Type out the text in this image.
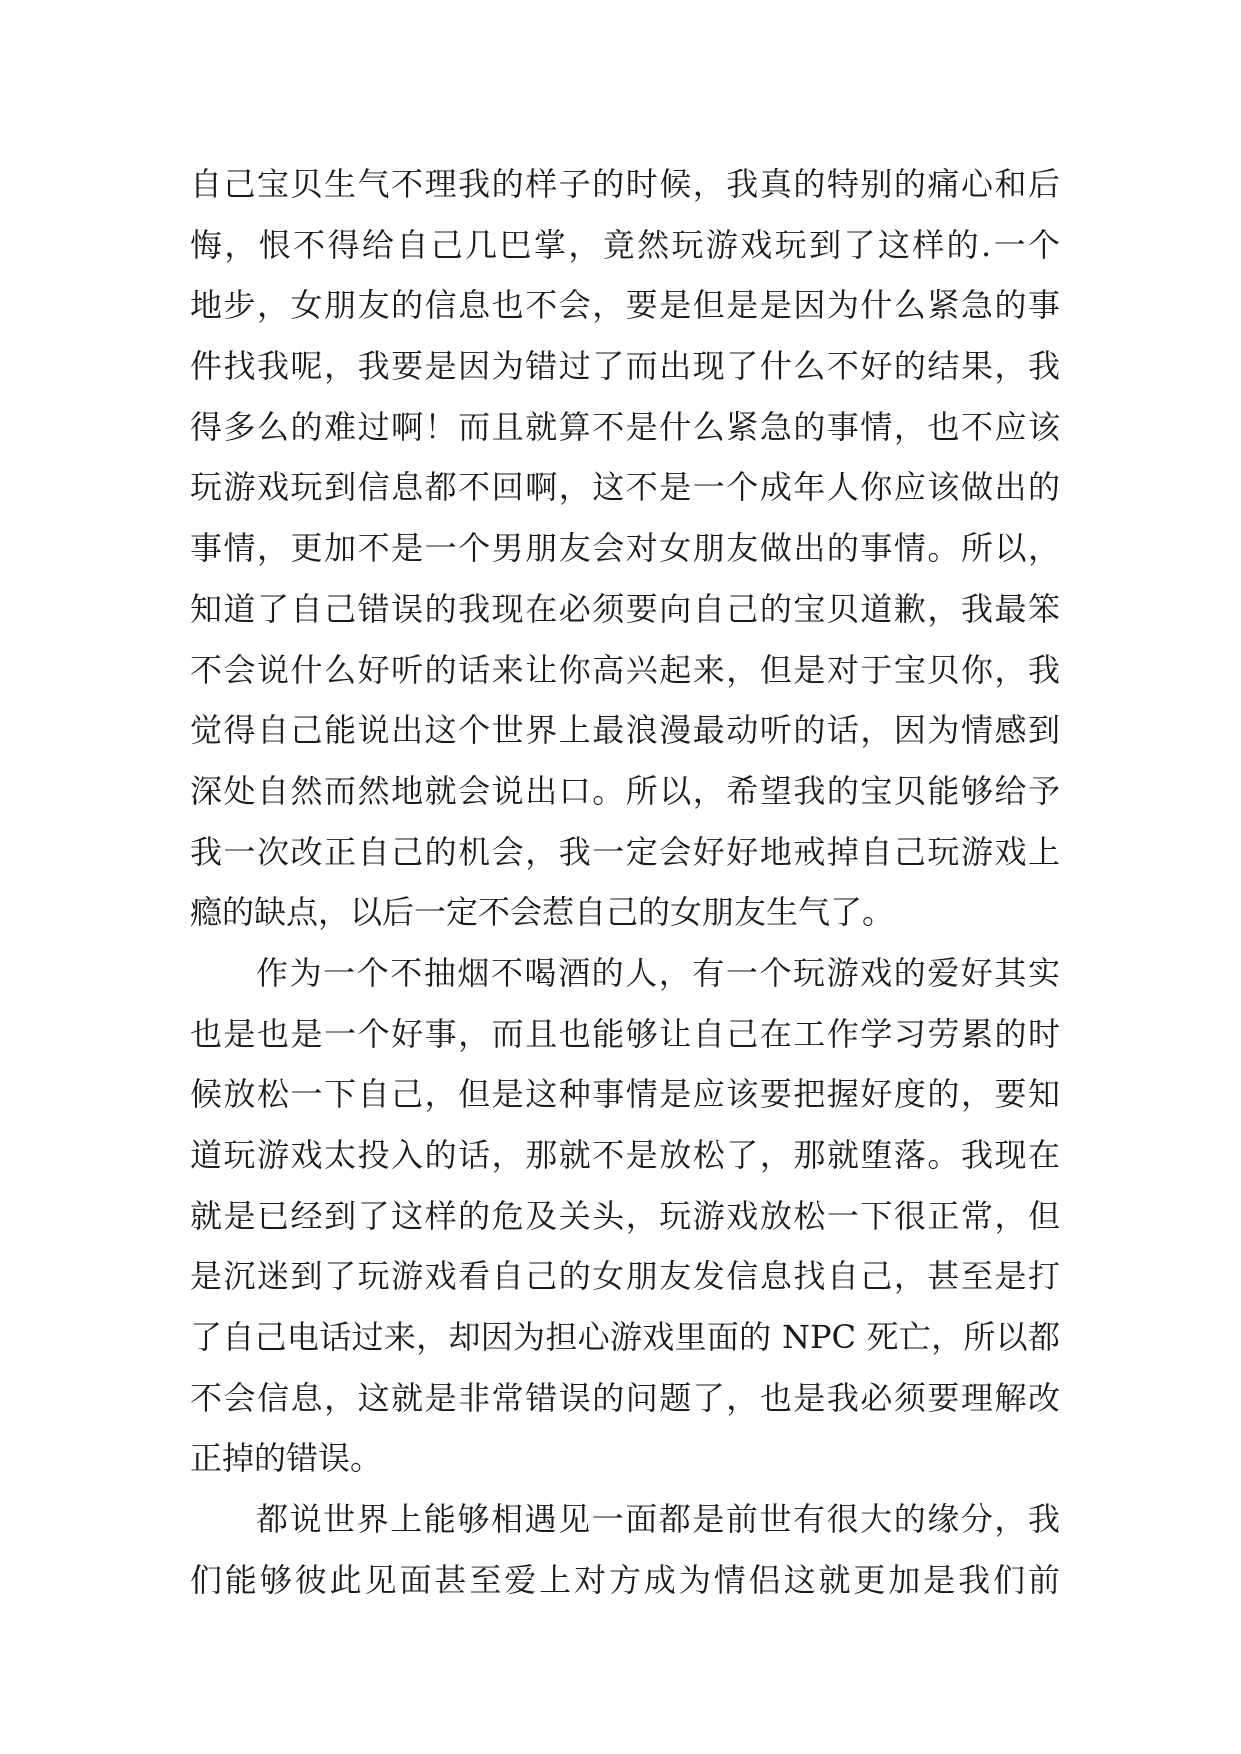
自己宝贝生气不理我的样子的时候，我真的特别的痛心和后
悔，恨不得给自己几巴掌，竟然玩游戏玩到了这样的.一个
地步，女朋友的信息也不会，要是但是是因为什么紧急的事
件找我呢，我要是因为错过了而出现了什么不好的结果，我
得多么的难过啊！而且就算不是什么紧急的事情，也不应该
玩游戏玩到信息都不回啊，这不是一个成年人你应该做出的
事情，更加不是一个男朋友会对女朋友做出的事情。所以，
知道了自己错误的我现在必须要向自己的宝贝道歉，我最笨
不会说什么好听的话来让你高兴起来，但是对于宝贝你，我
觉得自己能说出这个世界上最浪漫最动听的话，因为情感到
深处自然而然地就会说出口。所以，希望我的宝贝能够给予
我一次改正自己的机会，我一定会好好地戒掉自己玩游戏上
瘾的缺点，以后一定不会惹自己的女朋友生气了。
作为一个不抽烟不喝酒的人，有一个玩游戏的爱好其实
也是也是一个好事，而且也能够让自己在工作学习劳累的时
候放松一下自己，但是这种事情是应该要把握好度的，要知
道玩游戏太投入的话，那就不是放松了，那就堕落。我现在
就是已经到了这样的危及关头，玩游戏放松一下很正常，但
是沉迷到了玩游戏看自己的女朋友发信息找自己，甚至是打
了自己电话过来，却因为担心游戏里面的 NPC 死亡，所以都
不会信息，这就是非常错误的问题了，也是我必须要理解改
正掉的错误。
都说世界上能够相遇见一面都是前世有很大的缘分，我
们能够彼此见面甚至爱上对方成为情侣这就更加是我们前
